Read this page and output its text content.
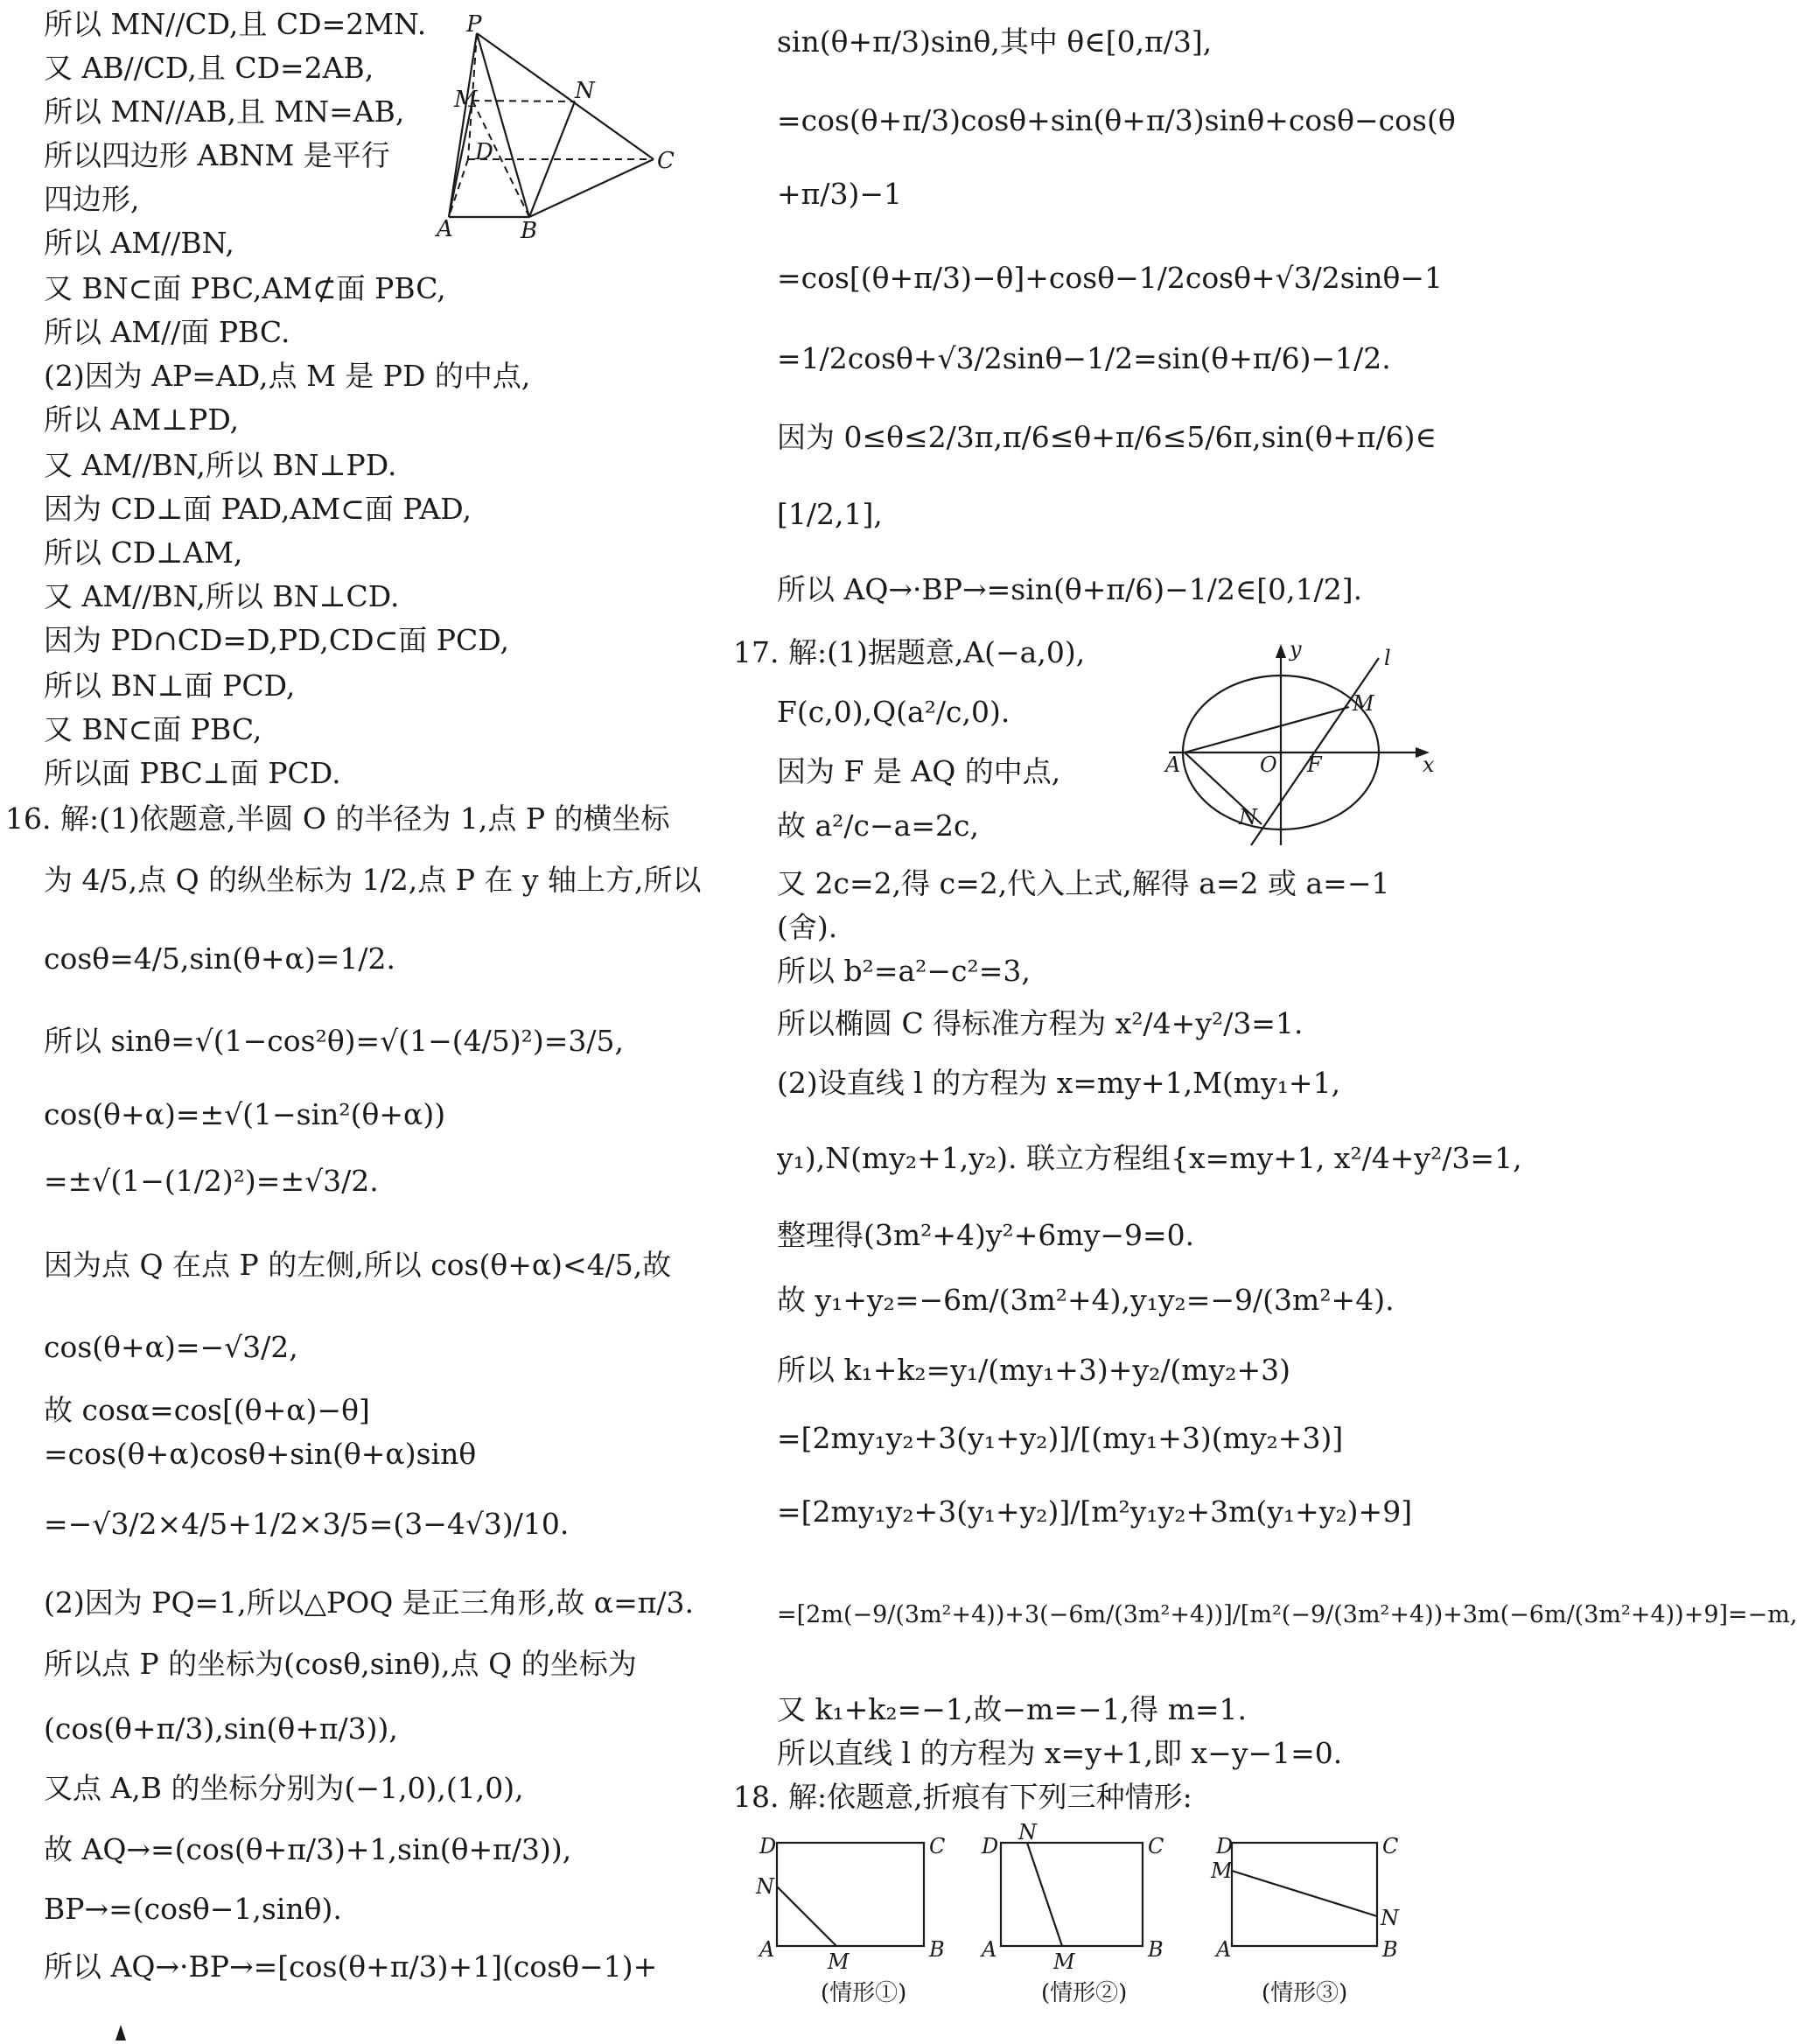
所以 MN//CD,且 CD=2MN.
又 AB//CD,且 CD=2AB,
所以 MN//AB,且 MN=AB,
所以四边形 ABNM 是平行
四边形,
所以 AM//BN,
又 BN⊂面 PBC,AM⊄面 PBC,
所以 AM//面 PBC.
(2)因为 AP=AD,点 M 是 PD 的中点,
所以 AM⊥PD,
又 AM//BN,所以 BN⊥PD.
因为 CD⊥面 PAD,AM⊂面 PAD,
所以 CD⊥AM,
又 AM//BN,所以 BN⊥CD.
因为 PD∩CD=D,PD,CD⊂面 PCD,
所以 BN⊥面 PCD,
又 BN⊂面 PBC,
所以面 PBC⊥面 PCD.
16. 解:(1)依题意,半圆 O 的半径为 1,点 P 的横坐标
为 4/5,点 Q 的纵坐标为 1/2,点 P 在 y 轴上方,所以
cosθ=4/5,sin(θ+α)=1/2.
所以 sinθ=√(1−cos²θ)=√(1−(4/5)²)=3/5,
cos(θ+α)=±√(1−sin²(θ+α))
=±√(1−(1/2)²)=±√3/2.
因为点 Q 在点 P 的左侧,所以 cos(θ+α)<4/5,故
cos(θ+α)=−√3/2,
故 cosα=cos[(θ+α)−θ]
=cos(θ+α)cosθ+sin(θ+α)sinθ
=−√3/2×4/5+1/2×3/5=(3−4√3)/10.
(2)因为 PQ=1,所以△POQ 是正三角形,故 α=π/3.
所以点 P 的坐标为(cosθ,sinθ),点 Q 的坐标为
(cos(θ+π/3),sin(θ+π/3)),
又点 A,B 的坐标分别为(−1,0),(1,0),
故 AQ→=(cos(θ+π/3)+1,sin(θ+π/3)),
BP→=(cosθ−1,sinθ).
所以 AQ→·BP→=[cos(θ+π/3)+1](cosθ−1)+
P
M	N
D	C
A	B
sin(θ+π/3)sinθ,其中 θ∈[0,π/3],
=cos(θ+π/3)cosθ+sin(θ+π/3)sinθ+cosθ−cos(θ
+π/3)−1
=cos[(θ+π/3)−θ]+cosθ−1/2cosθ+√3/2sinθ−1
=1/2cosθ+√3/2sinθ−1/2=sin(θ+π/6)−1/2.
因为 0≤θ≤2/3π,π/6≤θ+π/6≤5/6π,sin(θ+π/6)∈
[1/2,1],
所以 AQ→·BP→=sin(θ+π/6)−1/2∈[0,1/2].
17. 解:(1)据题意,A(−a,0),
F(c,0),Q(a²/c,0).
因为 F 是 AQ 的中点,
故 a²/c−a=2c,
又 2c=2,得 c=2,代入上式,解得 a=2 或 a=−1
(舍).
所以 b²=a²−c²=3,
所以椭圆 C 得标准方程为 x²/4+y²/3=1.
(2)设直线 l 的方程为 x=my+1,M(my₁+1,
y₁),N(my₂+1,y₂). 联立方程组{x=my+1, x²/4+y²/3=1,
整理得(3m²+4)y²+6my−9=0.
故 y₁+y₂=−6m/(3m²+4),y₁y₂=−9/(3m²+4).
所以 k₁+k₂=y₁/(my₁+3)+y₂/(my₂+3)
=[2my₁y₂+3(y₁+y₂)]/[(my₁+3)(my₂+3)]
=[2my₁y₂+3(y₁+y₂)]/[m²y₁y₂+3m(y₁+y₂)+9]
=[2m(−9/(3m²+4))+3(−6m/(3m²+4))]/[m²(−9/(3m²+4))+3m(−6m/(3m²+4))+9]=−m,
又 k₁+k₂=−1,故−m=−1,得 m=1.
所以直线 l 的方程为 x=y+1,即 x−y−1=0.
18. 解:依题意,折痕有下列三种情形:
y	l
M
A	O F	x
N
D	C
N
A	M	B
(情形①)
D
N
C
A	M	B
(情形②)
D	C
M
N
A	B
(情形③)
